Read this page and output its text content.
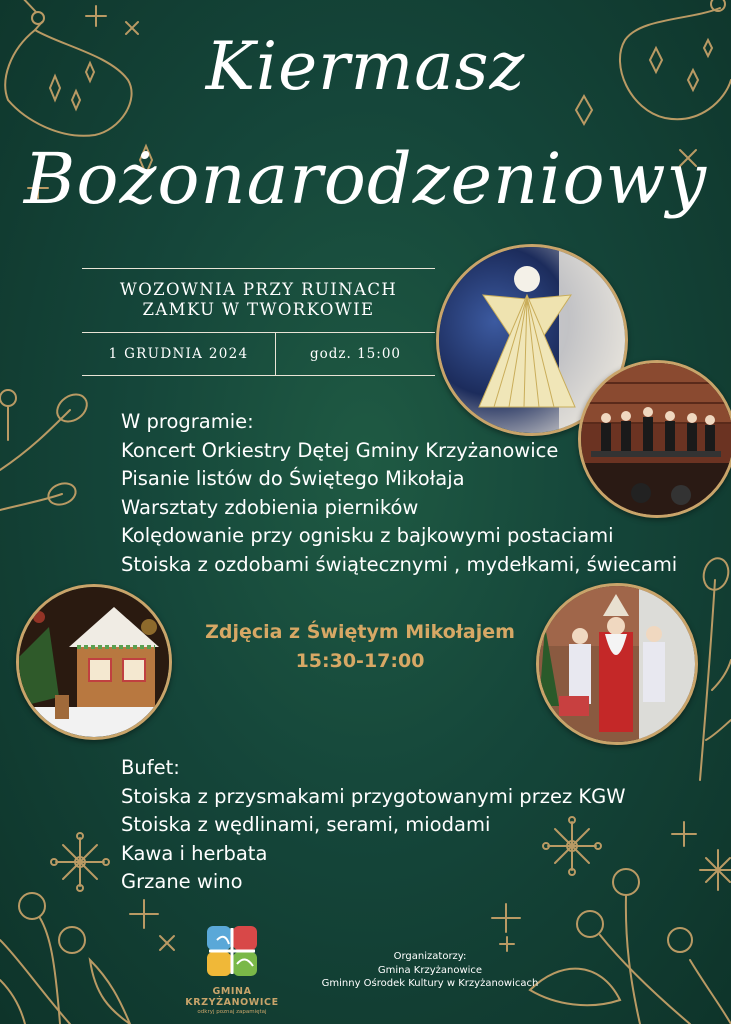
Kiermasz
Bożonarodzeniowy
WOZOWNIA PRZY RUINACH ZAMKU W TWORKOWIE
1 GRUDNIA 2024	godz. 15:00
W programie:
Koncert Orkiestry Dętej Gminy Krzyżanowice
Pisanie listów do Świętego Mikołaja
Warsztaty zdobienia pierników
Kolędowanie przy ognisku z bajkowymi postaciami
Stoiska z ozdobami świątecznymi , mydełkami, świecami
Zdjęcia z Świętym Mikołajem
15:30-17:00
Bufet:
Stoiska z przysmakami przygotowanymi przez KGW
Stoiska z wędlinami, serami, miodami
Kawa i herbata
Grzane wino
GMINA KRZYŻANOWICE
odkryj poznaj zapamiętaj
Organizatorzy:
Gmina Krzyżanowice
Gminny Ośrodek Kultury w Krzyżanowicach
